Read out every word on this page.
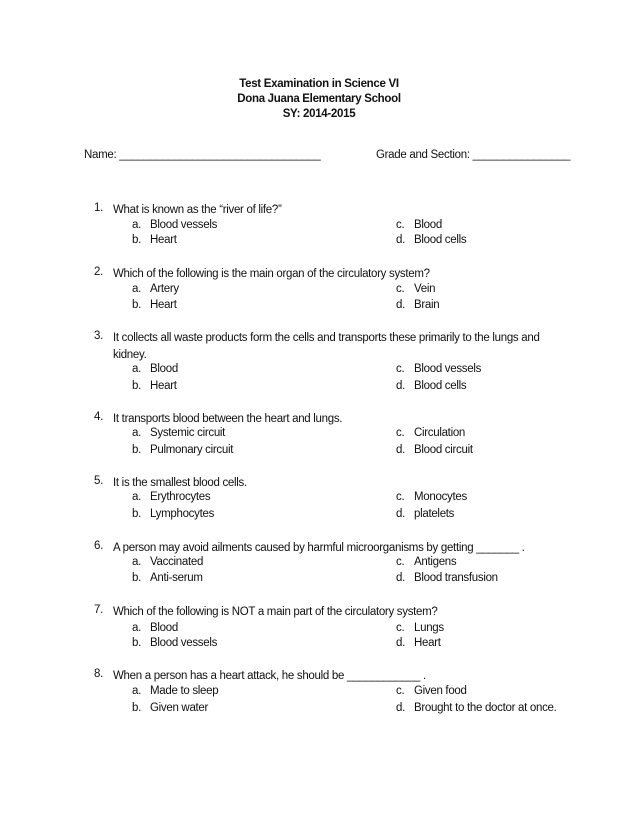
Test Examination in Science VI
Dona Juana Elementary School
SY: 2014-2015
Name: _________________________________	Grade and Section: ________________
1. What is known as the “river of life?”
a. Blood vessels
b. Heart
c. Blood
d. Blood cells
2. Which of the following is the main organ of the circulatory system?
a. Artery
b. Heart
c. Vein
d. Brain
3. It collects all waste products form the cells and transports these primarily to the lungs and kidney.
a. Blood
b. Heart
c. Blood vessels
d. Blood cells
4. It transports blood between the heart and lungs.
a. Systemic circuit
b. Pulmonary circuit
c. Circulation
d. Blood circuit
5. It is the smallest blood cells.
a. Erythrocytes
b. Lymphocytes
c. Monocytes
d. platelets
6. A person may avoid ailments caused by harmful microorganisms by getting _______ .
a. Vaccinated
b. Anti-serum
c. Antigens
d. Blood transfusion
7. Which of the following is NOT a main part of the circulatory system?
a. Blood
b. Blood vessels
c. Lungs
d. Heart
8. When a person has a heart attack, he should be ____________ .
a. Made to sleep
b. Given water
c. Given food
d. Brought to the doctor at once.
